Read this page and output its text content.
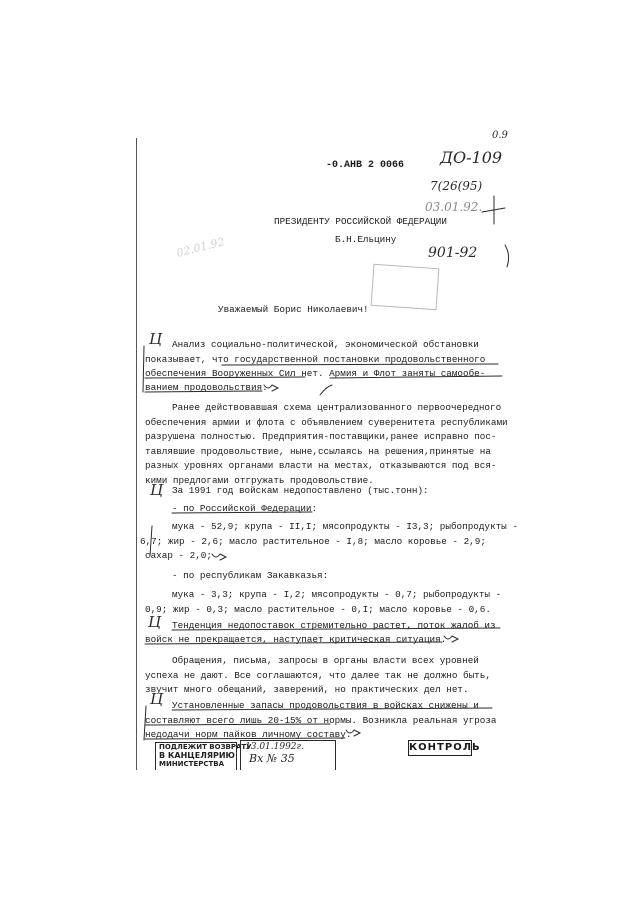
0.9
-0.АНВ 2 0066 ДО-109
7(26(95)
03.01.92.
ПРЕЗИДЕНТУ РОССИЙСКОЙ ФЕДЕРАЦИИ
Б.Н.Ельцину
901-92
02.01.92
Уважаемый Борис Николаевич!
Ц Анализ социально-политической, экономической обстановки
показывает, что государственной постановки продовольственного
обеспечения Вооруженных Сил нет. Армия и Флот заняты самообе-
ванием продовольствия.
Ранее действовавшая схема централизованного первоочередного
обеспечения армии и флота с объявлением суверенитета республиками
разрушена полностью. Предприятия-поставщики,ранее исправно пос-
тавлявшие продовольствие, ныне,ссылаясь на решения,принятые на
разных уровнях органами власти на местах, отказываются под вся-
кими предлогами отгружать продовольствие.
Ц За 1991 год войскам недопоставлено (тыс.тонн):
- по Российской Федерации:
мука - 52,9; крупа - II,I; мясопродукты - I3,3; рыбопродукты -
6,7; жир - 2,6; масло растительное - I,8; масло коровье - 2,9;
сахар - 2,0;
- по республикам Закавказья:
мука - 3,3; крупа - I,2; мясопродукты - 0,7; рыбопродукты -
0,9; жир - 0,3; масло растительное - 0,I; масло коровье - 0,6.
Ц Тенденция недопоставок стремительно растет, поток жалоб из
войск не прекращается, наступает критическая ситуация.
Обращения, письма, запросы в органы власти всех уровней
успеха не дают. Все соглашаются, что далее так не должно быть,
звучит много обещаний, заверений, но практических дел нет.
Ц Установленные запасы продовольствия в войсках снижены и
составляют всего лишь 20-15% от нормы. Возникла реальная угроза
недодачи норм пайков личному составу.
ПОДЛЕЖИТ ВОЗВРАТУ
В КАНЦЕЛЯРИЮ
МИНИСТЕРСТВА
13.01.1992г.
Вх № 35
КОНТРОЛЬ
